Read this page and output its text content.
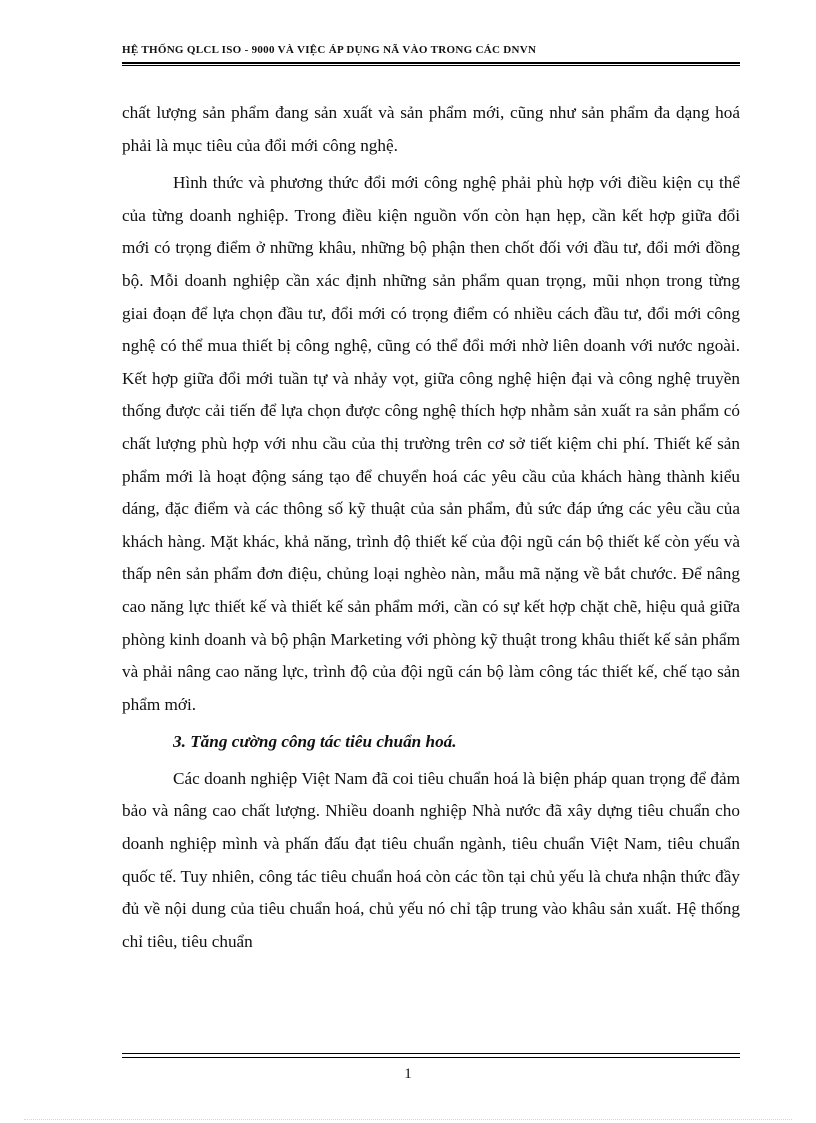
HỆ THỐNG QLCL ISO - 9000 VÀ VIỆC ÁP DỤNG NÃ VÀO TRONG CÁC DNVN

chất lượng sản phẩm đang sản xuất và sản phẩm mới, cũng như sản phẩm đa dạng hoá phải là mục tiêu của đổi mới công nghệ.

Hình thức và phương thức đổi mới công nghệ phải phù hợp với điều kiện cụ thể của từng doanh nghiệp. Trong điều kiện nguồn vốn còn hạn hẹp, cần kết hợp giữa đổi mới có trọng điểm ở những khâu, những bộ phận then chốt đối với đầu tư, đổi mới đồng bộ. Mỗi doanh nghiệp cần xác định những sản phẩm quan trọng, mũi nhọn trong từng giai đoạn để lựa chọn đầu tư, đổi mới có trọng điểm có nhiều cách đầu tư, đổi mới công nghệ có thể mua thiết bị công nghệ, cũng có thể đổi mới nhờ liên doanh với nước ngoài. Kết hợp giữa đổi mới tuần tự và nhảy vọt, giữa công nghệ hiện đại và công nghệ truyền thống được cải tiến để lựa chọn được công nghệ thích hợp nhằm sản xuất ra sản phẩm có chất lượng phù hợp với nhu cầu của thị trường trên cơ sở tiết kiệm chi phí. Thiết kế sản phẩm mới là hoạt động sáng tạo để chuyển hoá các yêu cầu của khách hàng thành kiểu dáng, đặc điểm và các thông số kỹ thuật của sản phẩm, đủ sức đáp ứng các yêu cầu của khách hàng. Mặt khác, khả năng, trình độ thiết kế của đội ngũ cán bộ thiết kế còn yếu và thấp nên sản phẩm đơn điệu, chủng loại nghèo nàn, mẫu mã nặng về bắt chước. Để nâng cao năng lực thiết kế và thiết kế sản phẩm mới, cần có sự kết hợp chặt chẽ, hiệu quả giữa phòng kinh doanh và bộ phận Marketing với phòng kỹ thuật trong khâu thiết kế sản phẩm và phải nâng cao năng lực, trình độ của đội ngũ cán bộ làm công tác thiết kế, chế tạo sản phẩm mới.

3. Tăng cường công tác tiêu chuẩn hoá.

Các doanh nghiệp Việt Nam đã coi tiêu chuẩn hoá là biện pháp quan trọng để đảm bảo và nâng cao chất lượng. Nhiều doanh nghiệp Nhà nước đã xây dựng tiêu chuẩn cho doanh nghiệp mình và phấn đấu đạt tiêu chuẩn ngành, tiêu chuẩn Việt Nam, tiêu chuẩn quốc tế. Tuy nhiên, công tác tiêu chuẩn hoá còn các tồn tại chủ yếu là chưa nhận thức đầy đủ về nội dung của tiêu chuẩn hoá, chủ yếu nó chỉ tập trung vào khâu sản xuất. Hệ thống chỉ tiêu, tiêu chuẩn

1
